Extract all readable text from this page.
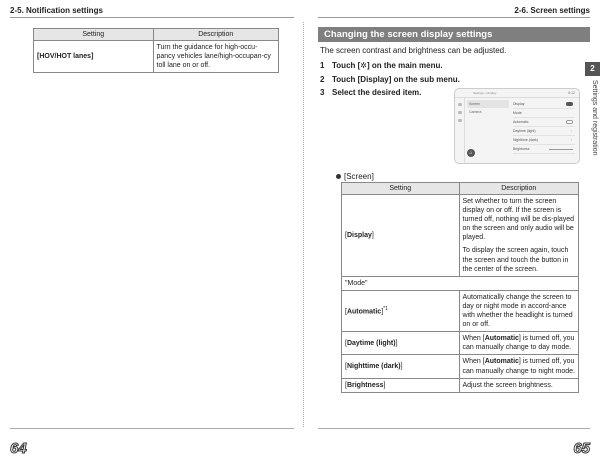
2-5. Notification settings
Setting	Description
[HOV/HOT lanes]	Turn the guidance for high-occu-pancy vehicles lane/high-occupan-cy toll lane on or off.
2-6. Screen settings
Changing the screen display settings
The screen contrast and brightness can be adjusted.
1 Touch [✲] on the main menu.
2 Touch [Display] on the sub menu.
3 Select the desired item.	Settings › Display	6:12
Screen
Camera
⌂
Display
Mode
Automatic
Daytime (light)	›
Nighttime (dark)	›
Brightness
2
Settings and registration
[Screen]
Setting	Description
[Display]	Set whether to turn the screen display on or off. If the screen is turned off, nothing will be dis-played on the screen and only audio will be played.

To display the screen again, touch the screen and touch the button in the center of the screen.

"Mode"	
[Automatic]$^{*1}$	Automatically change the screen to day or night mode in accord-ance with whether the headlight is turned on or off.
[Daytime (light)]	When [Automatic] is turned off, you can manually change to day mode.
[Nighttime (dark)]	When [Automatic] is turned off, you can manually change to night mode.
[Brightness]	Adjust the screen brightness.
64	65
